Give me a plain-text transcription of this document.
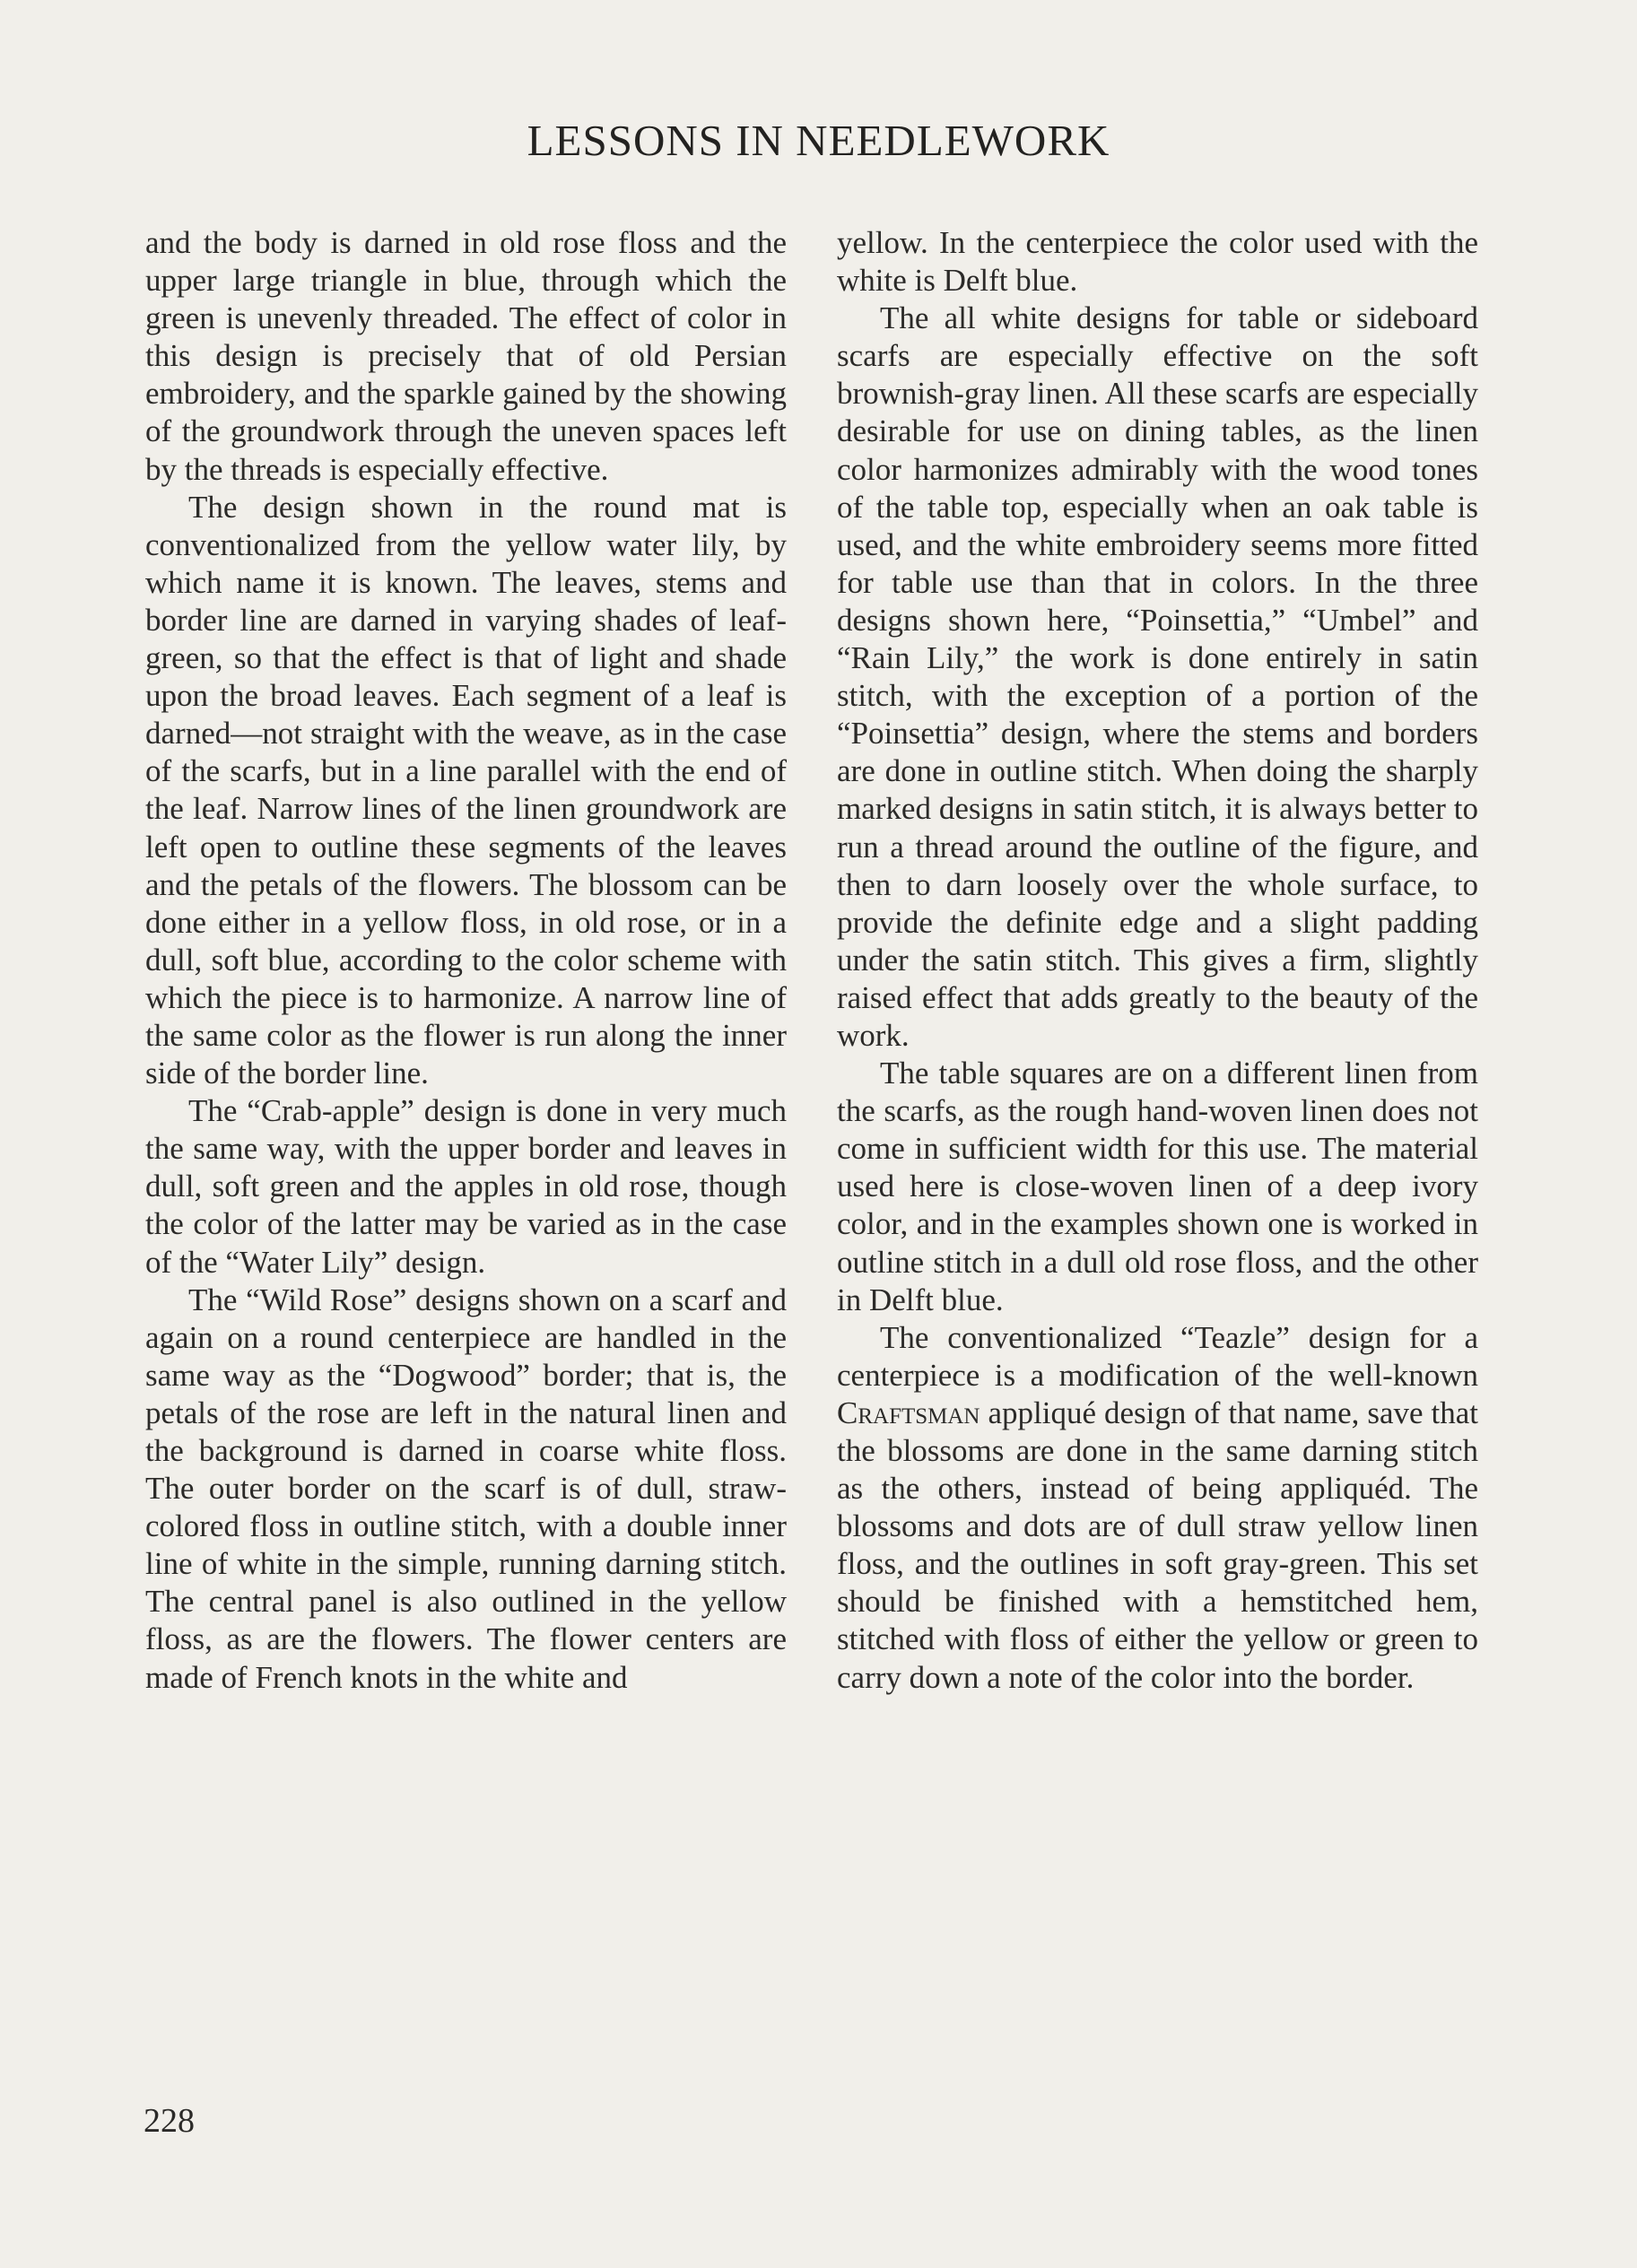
LESSONS IN NEEDLEWORK

and the body is darned in old rose floss and the upper large triangle in blue, through which the green is unevenly threaded. The effect of color in this design is precisely that of old Persian embroidery, and the sparkle gained by the showing of the groundwork through the uneven spaces left by the threads is especially effective.

The design shown in the round mat is conventionalized from the yellow water lily, by which name it is known. The leaves, stems and border line are darned in varying shades of leaf-green, so that the effect is that of light and shade upon the broad leaves. Each segment of a leaf is darned—not straight with the weave, as in the case of the scarfs, but in a line parallel with the end of the leaf. Narrow lines of the linen groundwork are left open to outline these segments of the leaves and the petals of the flowers. The blossom can be done either in a yellow floss, in old rose, or in a dull, soft blue, according to the color scheme with which the piece is to harmonize. A narrow line of the same color as the flower is run along the inner side of the border line.

The “Crab-apple” design is done in very much the same way, with the upper border and leaves in dull, soft green and the apples in old rose, though the color of the latter may be varied as in the case of the “Water Lily” design.

The “Wild Rose” designs shown on a scarf and again on a round centerpiece are handled in the same way as the “Dogwood” border; that is, the petals of the rose are left in the natural linen and the background is darned in coarse white floss. The outer border on the scarf is of dull, straw-colored floss in outline stitch, with a double inner line of white in the simple, running darning stitch. The central panel is also outlined in the yellow floss, as are the flowers. The flower centers are made of French knots in the white and

yellow. In the centerpiece the color used with the white is Delft blue.

The all white designs for table or sideboard scarfs are especially effective on the soft brownish-gray linen. All these scarfs are especially desirable for use on dining tables, as the linen color harmonizes admirably with the wood tones of the table top, especially when an oak table is used, and the white embroidery seems more fitted for table use than that in colors. In the three designs shown here, “Poinsettia,” “Umbel” and “Rain Lily,” the work is done entirely in satin stitch, with the exception of a portion of the “Poinsettia” design, where the stems and borders are done in outline stitch. When doing the sharply marked designs in satin stitch, it is always better to run a thread around the outline of the figure, and then to darn loosely over the whole surface, to provide the definite edge and a slight padding under the satin stitch. This gives a firm, slightly raised effect that adds greatly to the beauty of the work.

The table squares are on a different linen from the scarfs, as the rough hand-woven linen does not come in sufficient width for this use. The material used here is close-woven linen of a deep ivory color, and in the examples shown one is worked in outline stitch in a dull old rose floss, and the other in Delft blue.

The conventionalized “Teazle” design for a centerpiece is a modification of the well-known Craftsman appliqué design of that name, save that the blossoms are done in the same darning stitch as the others, instead of being appliquéd. The blossoms and dots are of dull straw yellow linen floss, and the outlines in soft gray-green. This set should be finished with a hemstitched hem, stitched with floss of either the yellow or green to carry down a note of the color into the border.

228
